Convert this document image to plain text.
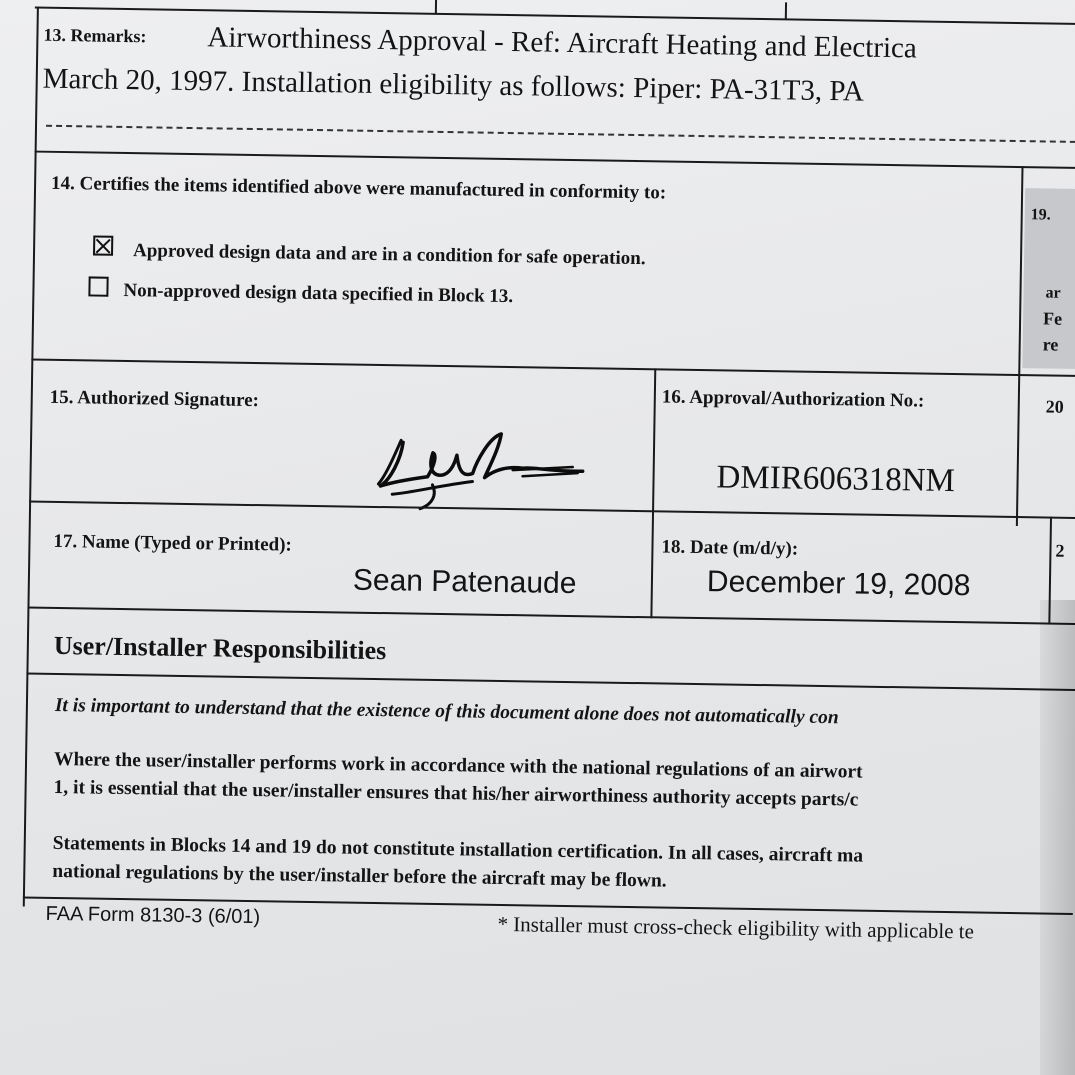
13. Remarks: Airworthiness Approval - Ref: Aircraft Heating and Electrica
March 20, 1997. Installation eligibility as follows: Piper: PA-31T3, PA
14. Certifies the items identified above were manufactured in conformity to:
Approved design data and are in a condition for safe operation.
Non-approved design data specified in Block 13.
19.
ar
Fe
re
15. Authorized Signature:	16. Approval/Authorization No.:
DMIR606318NM
20
17. Name (Typed or Printed):
Sean Patenaude
18. Date (m/d/y):
December 19, 2008
2
User/Installer Responsibilities
It is important to understand that the existence of this document alone does not automatically con
Where the user/installer performs work in accordance with the national regulations of an airwort
1, it is essential that the user/installer ensures that his/her airworthiness authority accepts parts/c
Statements in Blocks 14 and 19 do not constitute installation certification. In all cases, aircraft ma
national regulations by the user/installer before the aircraft may be flown.
FAA Form 8130-3 (6/01)	* Installer must cross-check eligibility with applicable te
